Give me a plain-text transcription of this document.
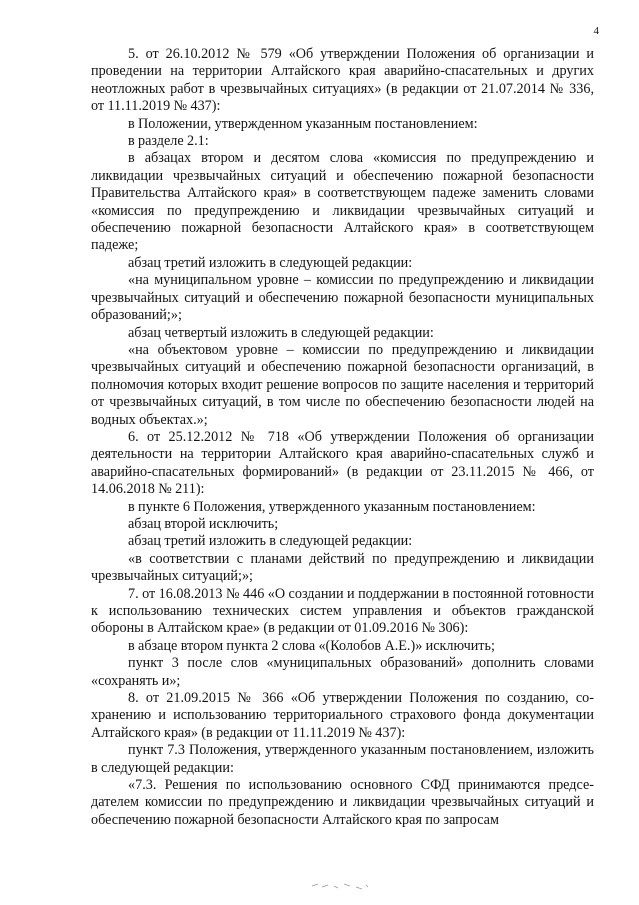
4

5. от 26.10.2012 № 579 «Об утверждении Положения об организации и проведении на территории Алтайского края аварийно-спасательных и других неотложных работ в чрезвычайных ситуациях» (в редакции от 21.07.2014 № 336, от 11.11.2019 № 437):

в Положении, утвержденном указанным постановлением:

в разделе 2.1:

в абзацах втором и десятом слова «комиссия по предупреждению и ликвидации чрезвычайных ситуаций и обеспечению пожарной безопасности Правительства Алтайского края» в соответствующем падеже заменить словами «комиссия по предупреждению и ликвидации чрезвычайных ситуаций и обеспечению пожарной безопасности Алтайского края» в соответствующем падеже;

абзац третий изложить в следующей редакции:

«на муниципальном уровне – комиссии по предупреждению и ликвидации чрезвычайных ситуаций и обеспечению пожарной безопасности муниципальных образований;»;

абзац четвертый изложить в следующей редакции:

«на объектовом уровне – комиссии по предупреждению и ликвидации чрезвычайных ситуаций и обеспечению пожарной безопасности организаций, в полномочия которых входит решение вопросов по защите населения и территорий от чрезвычайных ситуаций, в том числе по обеспечению безопасности людей на водных объектах.»;

6. от 25.12.2012 № 718 «Об утверждении Положения об организации деятельности на территории Алтайского края аварийно-спасательных служб и аварийно-спасательных формирований» (в редакции от 23.11.2015 № 466, от 14.06.2018 № 211):

в пункте 6 Положения, утвержденного указанным постановлением:

абзац второй исключить;

абзац третий изложить в следующей редакции:

«в соответствии с планами действий по предупреждению и ликвидации чрезвычайных ситуаций;»;

7. от 16.08.2013 № 446 «О создании и поддержании в постоянной готовности к использованию технических систем управления и объектов гражданской обороны в Алтайском крае» (в редакции от 01.09.2016 № 306):

в абзаце втором пункта 2 слова «(Колобов А.Е.)» исключить;

пункт 3 после слов «муниципальных образований» дополнить словами «сохранять и»;

8. от 21.09.2015 № 366 «Об утверждении Положения по созданию, сохранению и использованию территориального страхового фонда документации Алтайского края» (в редакции от 11.11.2019 № 437):

пункт 7.3 Положения, утвержденного указанным постановлением, изложить в следующей редакции:

«7.3. Решения по использованию основного СФД принимаются председателем комиссии по предупреждению и ликвидации чрезвычайных ситуаций и обеспечению пожарной безопасности Алтайского края по запросам
